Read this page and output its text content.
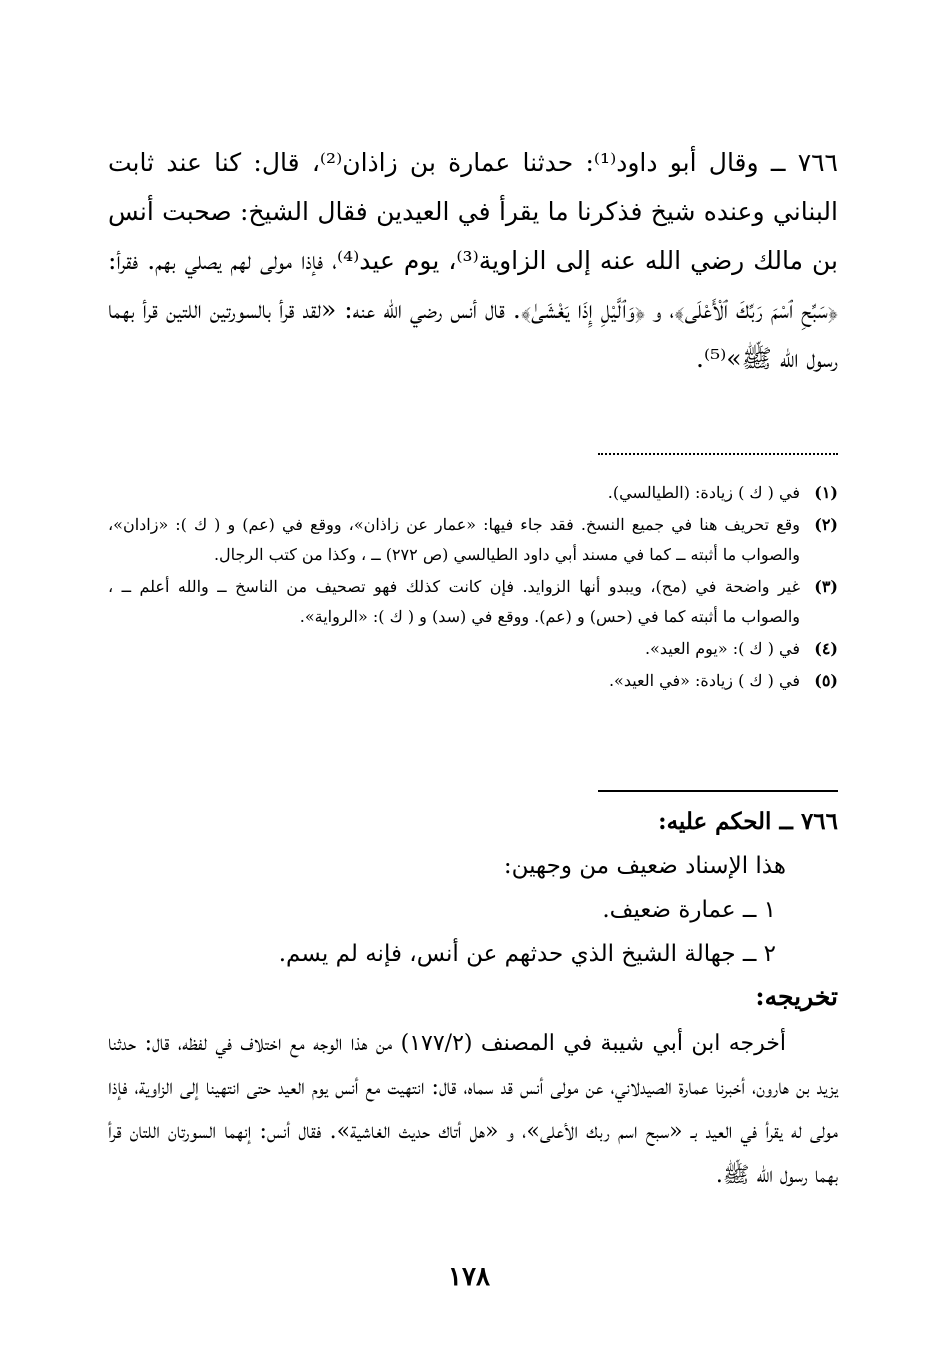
٧٦٦ ــ وقال أبو داود⁽¹⁾: حدثنا عمارة بن زاذان⁽²⁾، قال: كنا عند ثابت البناني وعنده شيخ فذكرنا ما يقرأ في العيدين فقال الشيخ: صحبت أنس بن مالك رضي الله عنه إلى الزاوية⁽³⁾، يوم عيد⁽⁴⁾، فإذا مولى لهم يصلي بهم. فقرأ: ﴿سَبِّحِ ٱسْمَ رَبِّكَ ٱلْأَعْلَى﴾، و ﴿وَٱلَّيْلِ إِذَا يَغْشَىٰ﴾. قال أنس رضي الله عنه: «لقد قرأ بالسورتين اللتين قرأ بهما رسول الله ﷺ»⁽⁵⁾.

(١)
في ( ك ) زيادة: (الطيالسي).
(٢)
وقع تحريف هنا في جميع النسخ. فقد جاء فيها: «عمار عن زاذان»، ووقع في (عم) و ( ك ): «زادان»، والصواب ما أثبته ــ كما في مسند أبي داود الطيالسي (ص ٢٧٢) ــ ، وكذا من كتب الرجال.
(٣)
غير واضحة في (مح)، ويبدو أنها الزوايد. فإن كانت كذلك فهو تصحيف من الناسخ ــ والله أعلم ــ ، والصواب ما أثبته كما في (حس) و (عم). ووقع في (سد) و ( ك ): «الرواية».
(٤)
في ( ك ): «يوم العيد».
(٥)
في ( ك ) زيادة: «في العيد».
٧٦٦ ــ الحكم عليه:
هذا الإسناد ضعيف من وجهين:
١ ــ عمارة ضعيف.
٢ ــ جهالة الشيخ الذي حدثهم عن أنس، فإنه لم يسم.
تخريجه:

أخرجه ابن أبي شيبة في المصنف (١٧٧/٢) من هذا الوجه مع اختلاف في لفظه، قال: حدثنا يزيد بن هارون، أخبرنا عمارة الصيدلاني، عن مولى أنس قد سماه، قال: انتهيت مع أنس يوم العيد حتى انتهينا إلى الزاوية، فإذا مولى له يقرأ في العيد بـ «سبح اسم ربك الأعلى»، و «هل أتاك حديث الغاشية». فقال أنس: إنهما السورتان اللتان قرأ بهما رسول الله ﷺ.

١٧٨
